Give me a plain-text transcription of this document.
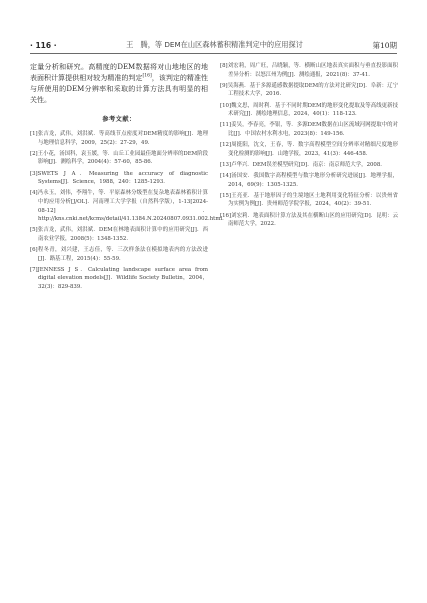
· 116 ·	王　腾，等 DEM在山区森林蓄积精准判定中的应用探讨	第10期

定量分析和研究。高精度的DEM数据将对山地地区的地表面积计算提供相对较为精准的判定[16]，该判定的精准性与所使用的DEM分辨率和采取的计算方法具有明显的相关性。

参考文献：

[1]张吉龙，武伟，刘洪斌．等高线节点密度对DEM精度的影响[J]．地理与地理信息科学，2009，25(2)：27-29，49．

[2]王小花，汤国科，袁玉媛，等．山丘工业园最佳地面分辨率的DEM阶段影响[J]．测绘科学，2004(4)：57-60，85-86．

[3]SWETS J A．Measuring the accuracy of diagnostic Systems[J]．Science，1988，240：1285-1293．

[4]冯永玉，刘伟，李翔牛，等．平原森林分级型在复杂地表森林蓄积计算中的应用分析[J/OL]．河南理工大学学报（自然科学版），1-13[2024-08-12]．http://kns.cnki.net/kcms/detail/41.1384.N.20240807.0931.002.html．

[5]张吉龙，武伟，刘洪斌．DEM在林地表面积计算中的应用研究[J]．西南农业学报，2008(5)：1348-1352．

[6]程冬青，刘兴建，王志佳，等．三次样条法在模拟地表内的方法改进[J]．路基工程，2015(4)：55-59．

[7]JENNESS J S．Calculating landscape surface area from digital elevation models[J]．Wildlife Society Bulletin，2004，32(3)：829-839．

[8]刘宏莉，周广旺，吕晓颖，等．横断山区地表真实面积与垂直投影面积差异分析：以怒江州为例[J]．测绘通报，2021(8)：37-41．

[9]吴海燕．基于多源遥感数据提取DEM的方法对比研究[D]．阜新：辽宁工程技术大学，2016．

[10]魏文思，周时利．基于不同时期DEM的地形变化提取及等高线更新技术研究[J]．测绘地理信息，2024，40(1)：118-123．

[11]姜吴，李春亮，李银，等．多源DEM数据在山区流域河网提取中的对比[J]．中国农村水利水电，2023(8)：149-156．

[12]周挺阳，沈文，王春，等．数字高程模型空间分辨率对精细尺度地形变化检测的影响[J]．山地学报，2023，41(3)：446-458．

[13]卢华兴．DEM误差模型研究[D]．南京：南京师范大学，2008．

[14]汤国安．我国数字高程模型与数字地形分析研究进展[J]．地理学报，2014，69(9)：1305-1325．

[15]王亮亚．基于地形因子的生境地区土地利用变化特征分析：以贵州省为实例为例[J]．贵州师范学院学报，2024，40(2)：39-51．

[16]刘宏莉．地表面积计算方法及其在横断山区的应用研究[D]．昆明：云南师范大学，2022．
